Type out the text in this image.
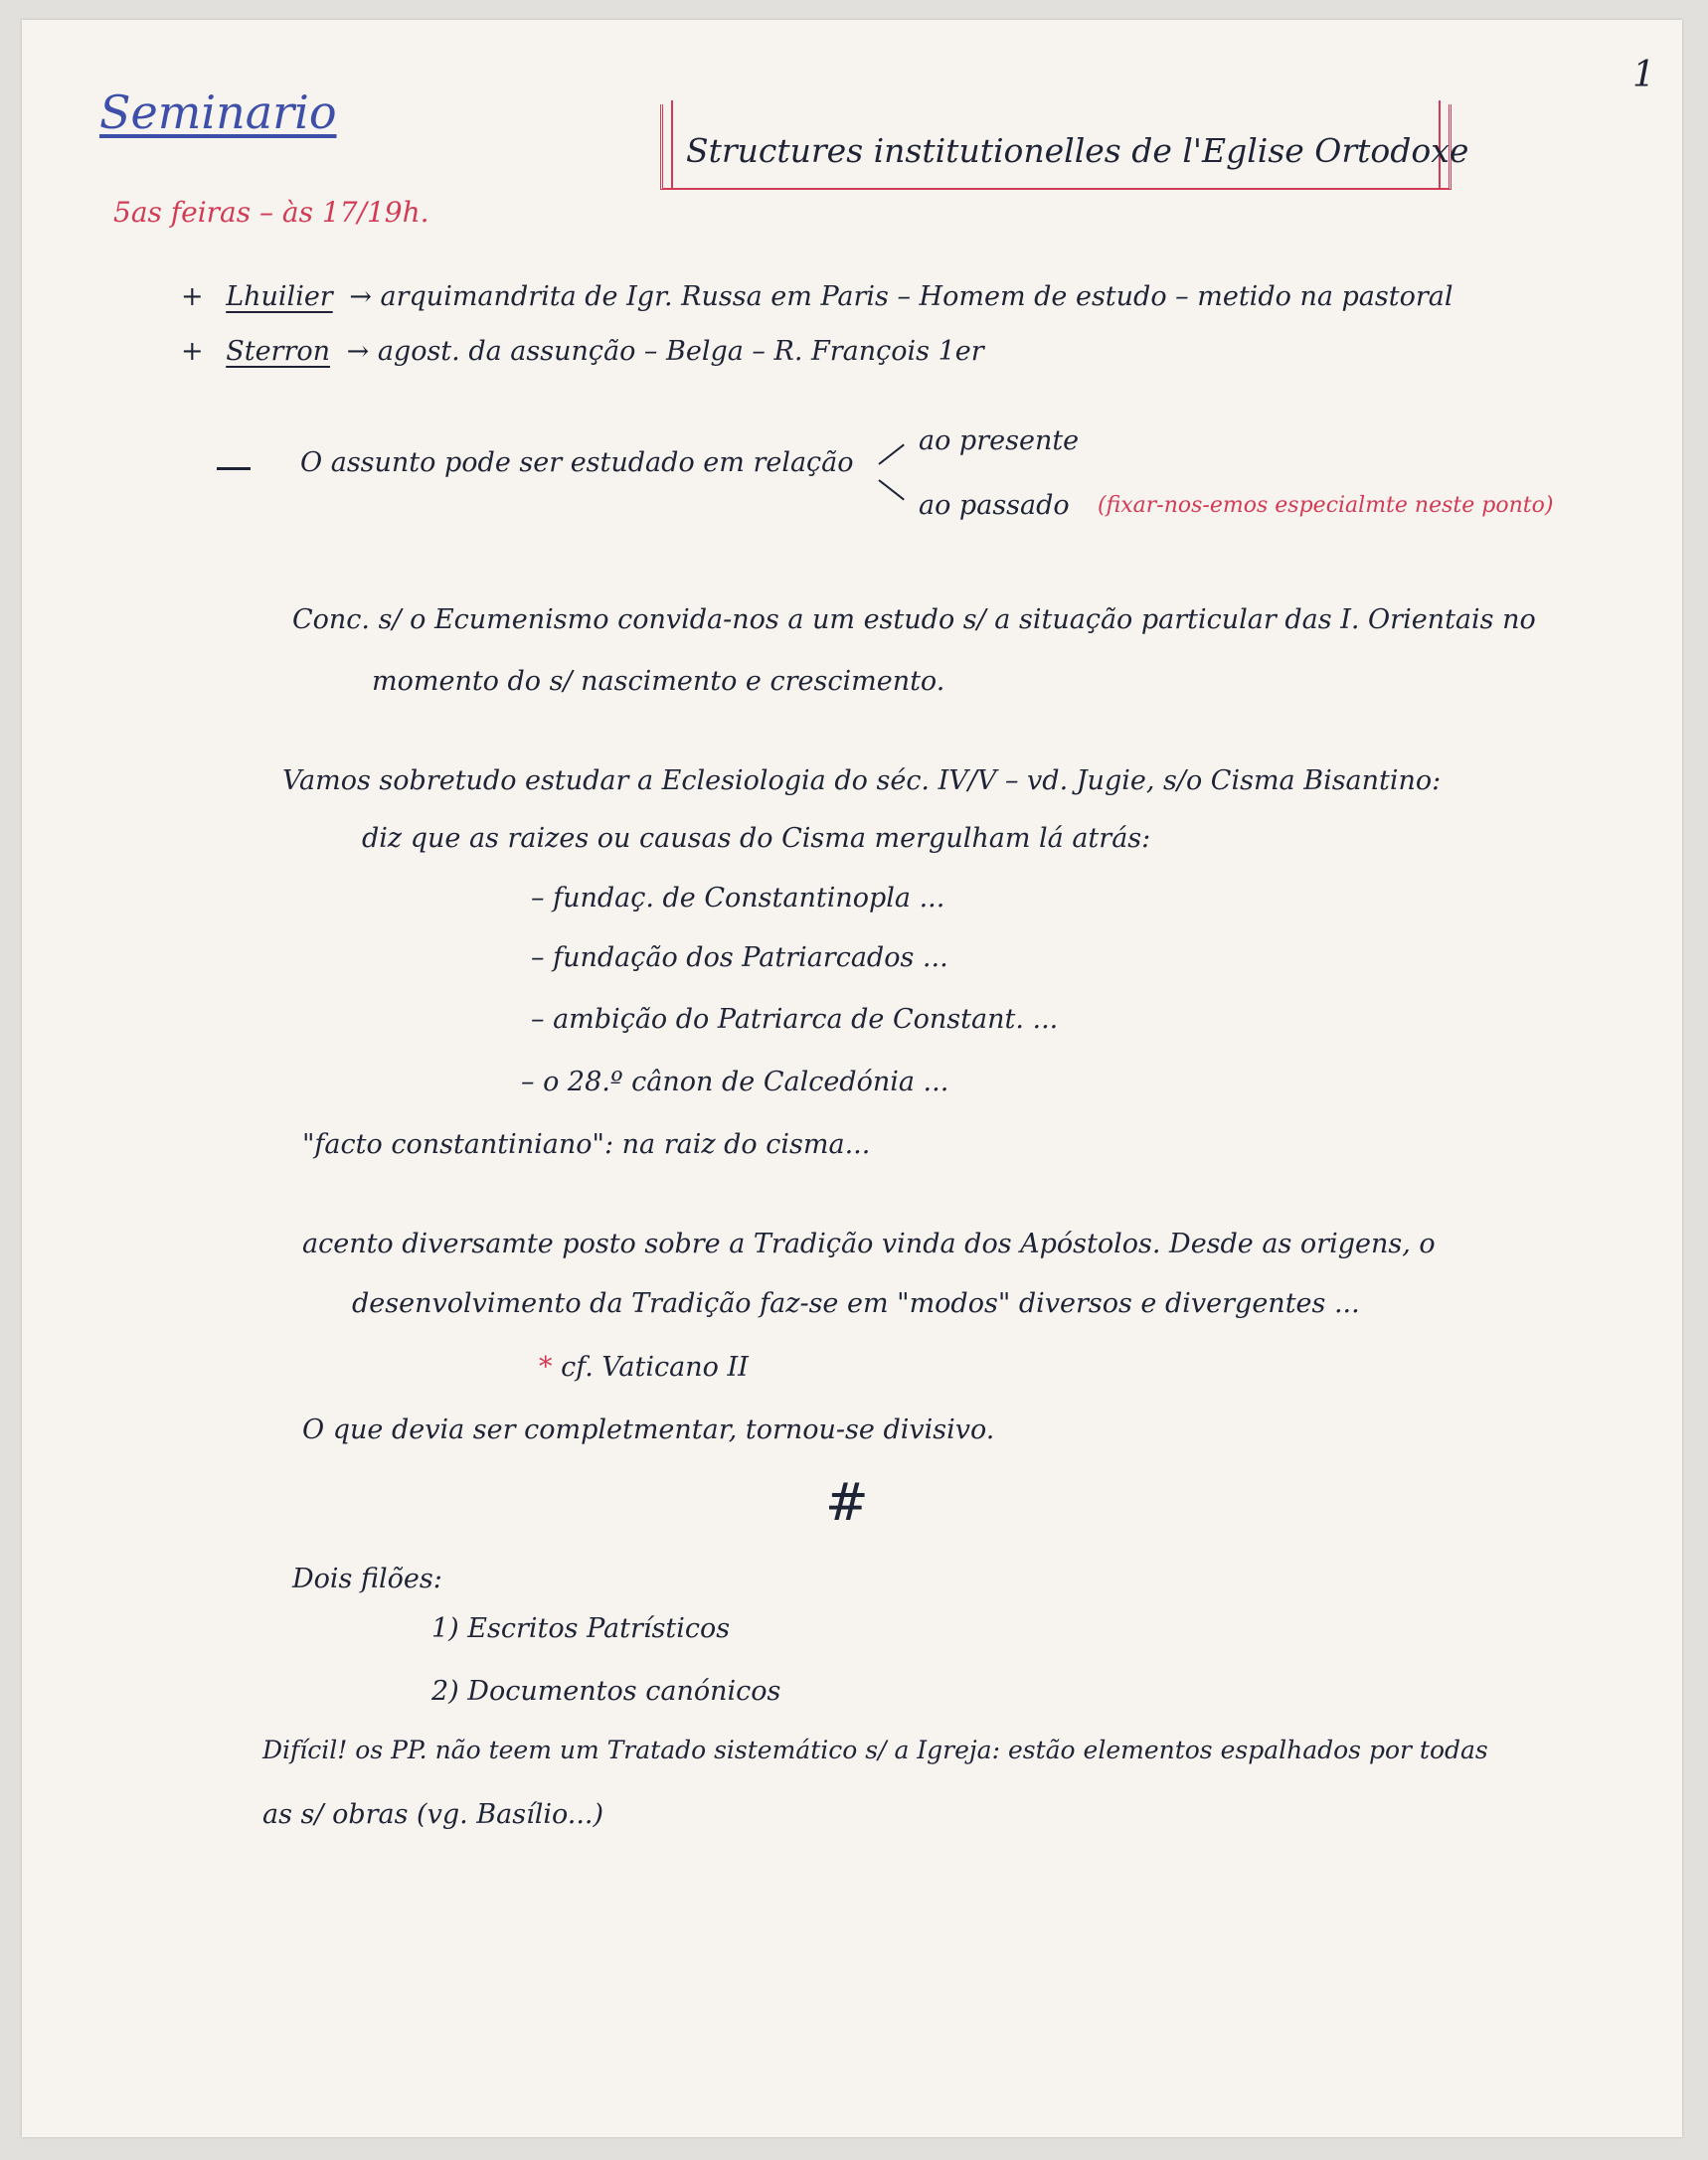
Seminario
1
5as feiras – às 17/19h.
Structures institutionelles de l'Eglise Ortodoxe
+ Lhuilier → arquimandrita de Igr. Russa em Paris – Homem de estudo – metido na pastoral
+ Sterron → agost. da assunção – Belga – R. François 1er
O assunto pode ser estudado em relação
ao presente
ao passado (fixar-nos-emos especialmte neste ponto)
Conc. s/ o Ecumenismo convida-nos a um estudo s/ a situação particular das I. Orientais no
momento do s/ nascimento e crescimento.
Vamos sobretudo estudar a Eclesiologia do séc. IV/V – vd. Jugie, s/o Cisma Bisantino:
diz que as raizes ou causas do Cisma mergulham lá atrás:
– fundaç. de Constantinopla ...
– fundação dos Patriarcados ...
– ambição do Patriarca de Constant. ...
– o 28.º cânon de Calcedónia ...
"facto constantiniano": na raiz do cisma...
acento diversamte posto sobre a Tradição vinda dos Apóstolos. Desde as origens, o
desenvolvimento da Tradição faz-se em "modos" diversos e divergentes ...
* cf. Vaticano II
O que devia ser completmentar, tornou-se divisivo.
#
Dois filões:
1) Escritos Patrísticos
2) Documentos canónicos
Difícil! os PP. não teem um Tratado sistemático s/ a Igreja: estão elementos espalhados por todas
as s/ obras (vg. Basílio...)
